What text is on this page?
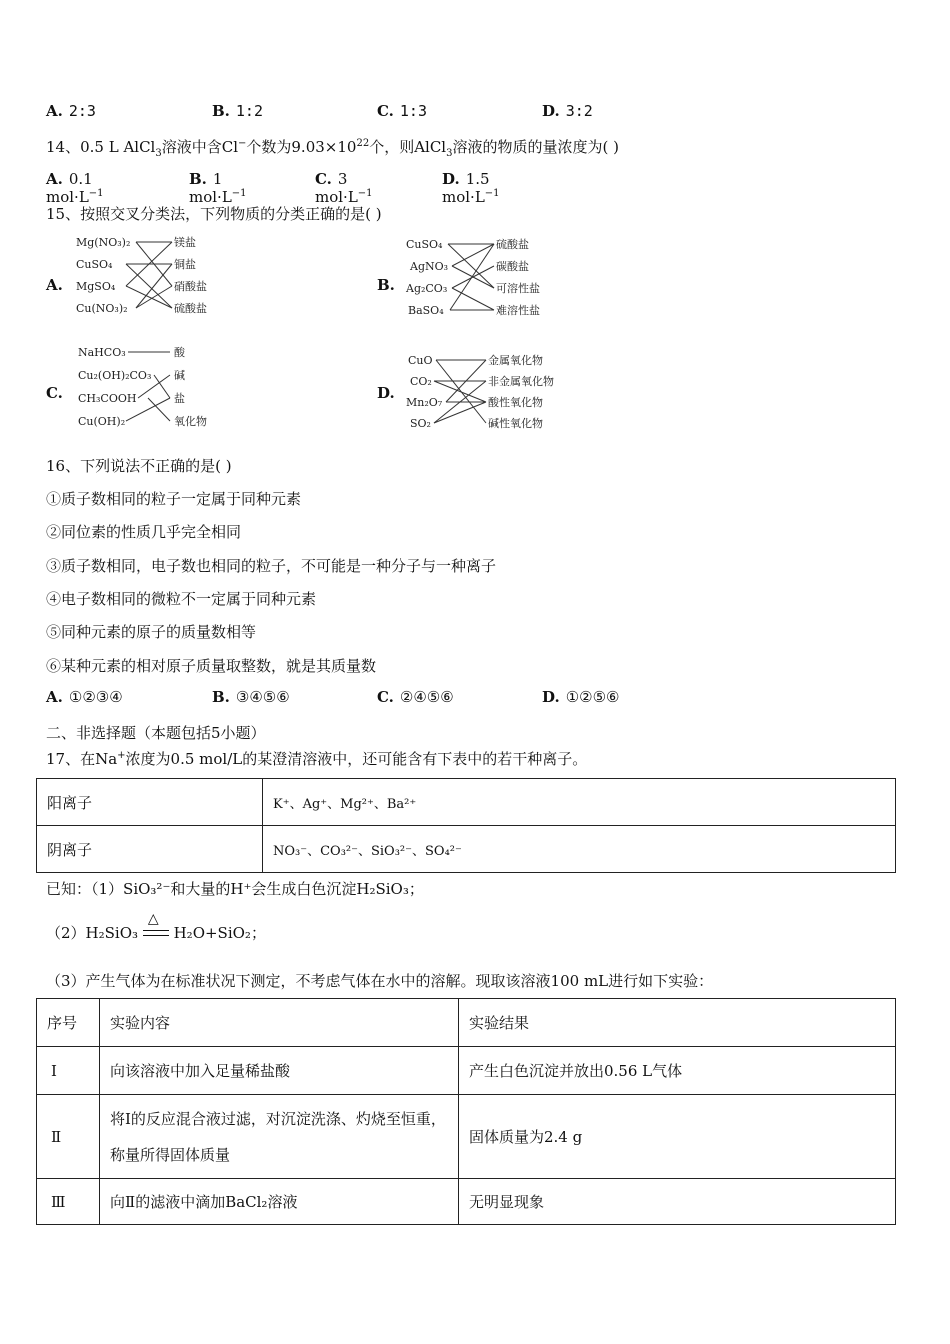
A. 2:3	B. 1:2	C. 1:3	D. 3:2
14、0.5 L AlCl$_3$溶液中含Cl−个数为$9.03\times 10^{22}$个，则AlCl$_3$溶液的物质的量浓度为( )
A. 0.1 $mol\cdot L^{-1}$
B. 1 $mol\cdot L^{-1}$
C. 3 $mol\cdot L^{-1}$
D. 1.5 $mol\cdot L^{-1}$
15、按照交叉分类法，下列物质的分类正确的是( )
A.
Mg(NO₃)₂
CuSO₄
MgSO₄
Cu(NO₃)₂
镁盐
铜盐
硝酸盐
硫酸盐
B.
CuSO₄
AgNO₃
Ag₂CO₃
BaSO₄
硫酸盐
碳酸盐
可溶性盐
难溶性盐
C.
NaHCO₃
Cu₂(OH)₂CO₃
CH₃COOH
Cu(OH)₂
酸
碱
盐
氧化物
D.
CuO
CO₂
Mn₂O₇
SO₂
金属氧化物
非金属氧化物
酸性氧化物
碱性氧化物
16、下列说法不正确的是( )
①质子数相同的粒子一定属于同种元素
②同位素的性质几乎完全相同
③质子数相同，电子数也相同的粒子，不可能是一种分子与一种离子
④电子数相同的微粒不一定属于同种元素
⑤同种元素的原子的质量数相等
⑥某种元素的相对原子质量取整数，就是其质量数
A. ①②③④	B. ③④⑤⑥	C. ②④⑤⑥	D. ①②⑤⑥
二、非选择题（本题包括5小题）
17、在Na+浓度为0.5 mol/L的某澄清溶液中，还可能含有下表中的若干种离子。
阳离子	K⁺、Ag⁺、Mg²⁺、Ba²⁺
阴离子	NO₃⁻、CO₃²⁻、SiO₃²⁻、SO₄²⁻
已知：（1）SiO₃²⁻和大量的H⁺会生成白色沉淀H₂SiO₃；
（2）H₂SiO₃
△
H₂O+SiO₂；
（3）产生气体为在标准状况下测定，不考虑气体在水中的溶解。现取该溶液100 mL进行如下实验：
序号	实验内容	实验结果
Ⅰ	向该溶液中加入足量稀盐酸	产生白色沉淀并放出0.56 L气体
Ⅱ	将Ⅰ的反应混合液过滤，对沉淀洗涤、灼烧至恒重，称量所得固体质量	固体质量为2.4 g
Ⅲ	向Ⅱ的滤液中滴加BaCl₂溶液	无明显现象
